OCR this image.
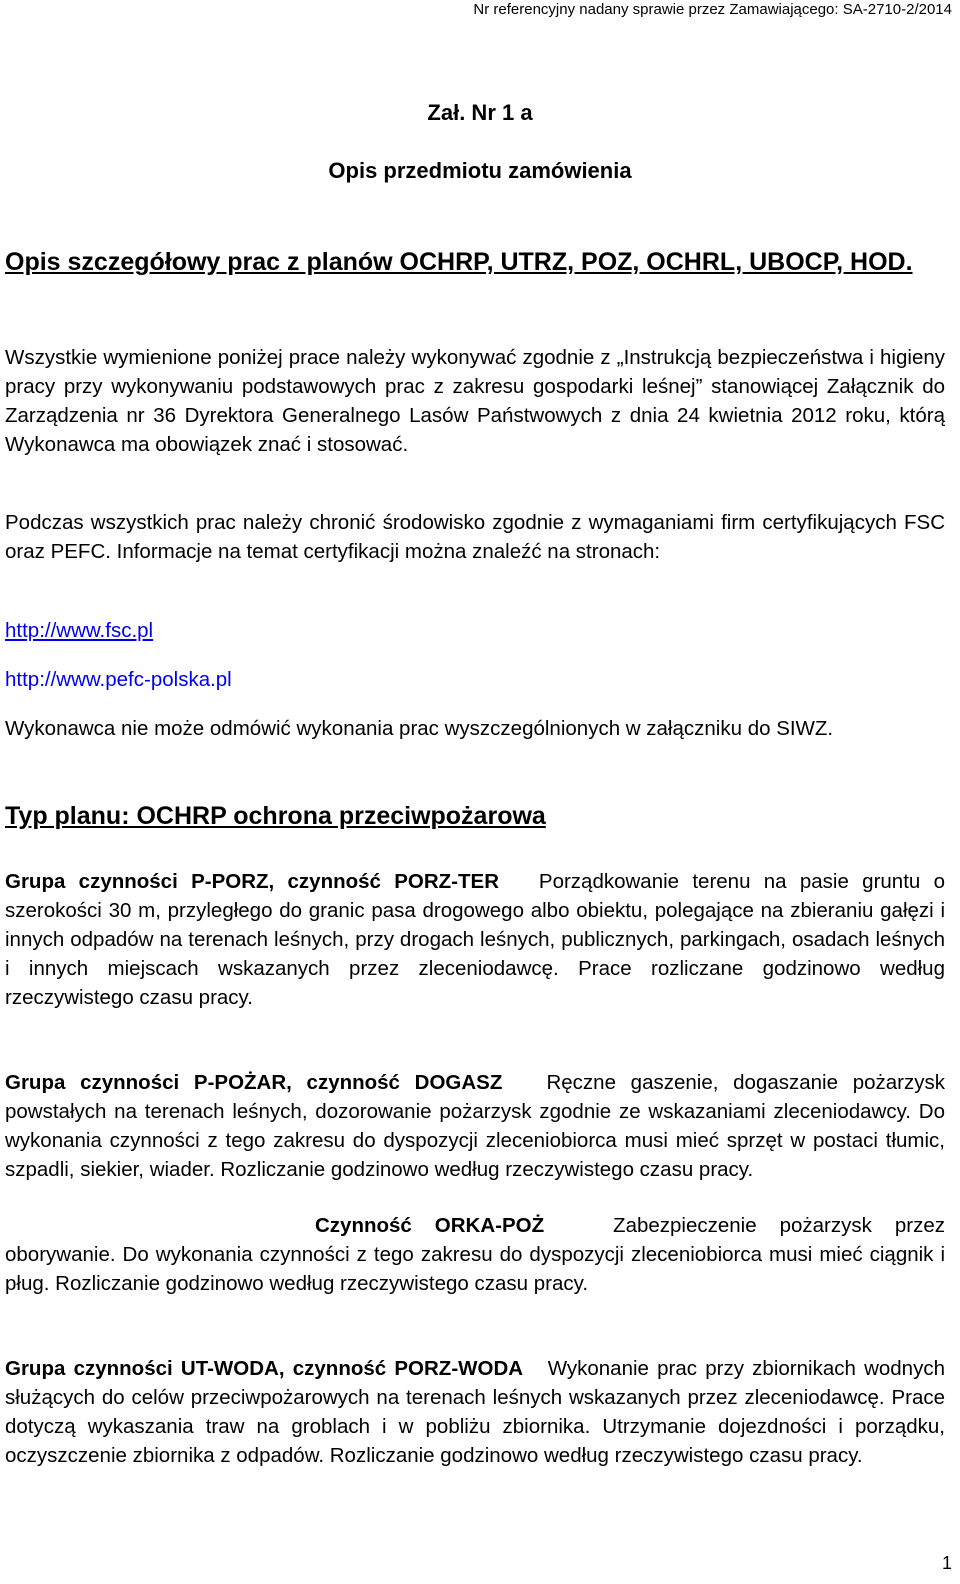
Nr referencyjny nadany sprawie przez Zamawiającego: SA-2710-2/2014
Zał. Nr 1 a
Opis przedmiotu zamówienia
Opis szczegółowy prac z planów OCHRP, UTRZ, POZ, OCHRL, UBOCP, HOD.

Wszystkie wymienione poniżej prace należy wykonywać zgodnie z „Instrukcją bezpieczeństwa i higieny pracy przy wykonywaniu podstawowych prac z zakresu gospodarki leśnej” stanowiącej Załącznik do Zarządzenia nr 36 Dyrektora Generalnego Lasów Państwowych z dnia 24 kwietnia 2012 roku, którą Wykonawca ma obowiązek znać i stosować.

Podczas wszystkich prac należy chronić środowisko zgodnie z wymaganiami firm certyfikujących FSC oraz PEFC. Informacje na temat certyfikacji można znaleźć na stronach:

http://www.fsc.pl
http://www.pefc-polska.pl

Wykonawca nie może odmówić wykonania prac wyszczególnionych w załączniku do SIWZ.

Typ planu: OCHRP ochrona przeciwpożarowa

Grupa czynności P-PORZ, czynność PORZ-TER Porządkowanie terenu na pasie gruntu o szerokości 30 m, przyległego do granic pasa drogowego albo obiektu, polegające na zbieraniu gałęzi i innych odpadów na terenach leśnych, przy drogach leśnych, publicznych, parkingach, osadach leśnych i innych miejscach wskazanych przez zleceniodawcę. Prace rozliczane godzinowo według rzeczywistego czasu pracy.

Grupa czynności P-POŻAR, czynność DOGASZ Ręczne gaszenie, dogaszanie pożarzysk powstałych na terenach leśnych, dozorowanie pożarzysk zgodnie ze wskazaniami zleceniodawcy. Do wykonania czynności z tego zakresu do dyspozycji zleceniobiorca musi mieć sprzęt w postaci tłumic, szpadli, siekier, wiader. Rozliczanie godzinowo według rzeczywistego czasu pracy.

Czynność ORKA-POŻ	Zabezpieczenie pożarzysk przez oborywanie. Do wykonania czynności z tego zakresu do dyspozycji zleceniobiorca musi mieć ciągnik i pług. Rozliczanie godzinowo według rzeczywistego czasu pracy.

Grupa czynności UT-WODA, czynność PORZ-WODA Wykonanie prac przy zbiornikach wodnych służących do celów przeciwpożarowych na terenach leśnych wskazanych przez zleceniodawcę. Prace dotyczą wykaszania traw na groblach i w pobliżu zbiornika. Utrzymanie dojezdności i porządku, oczyszczenie zbiornika z odpadów. Rozliczanie godzinowo według rzeczywistego czasu pracy.

1
